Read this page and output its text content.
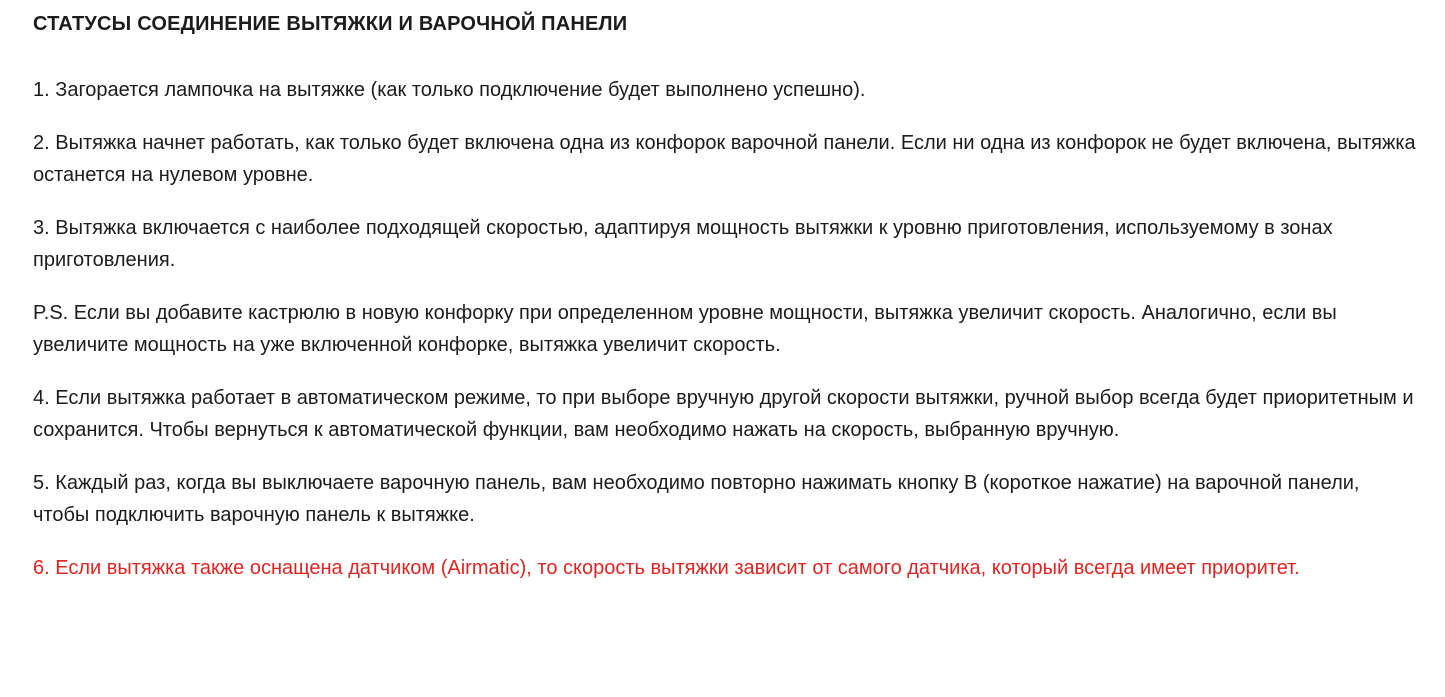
СТАТУСЫ СОЕДИНЕНИЕ ВЫТЯЖКИ И ВАРОЧНОЙ ПАНЕЛИ

1. Загорается лампочка на вытяжке (как только подключение будет выполнено успешно).

2. Вытяжка начнет работать, как только будет включена одна из конфорок варочной панели. Если ни одна из конфорок не будет включена, вытяжка останется на нулевом уровне.

3. Вытяжка включается с наиболее подходящей скоростью, адаптируя мощность вытяжки к уровню приготовления, используемому в зонах приготовления.

P.S. Если вы добавите кастрюлю в новую конфорку при определенном уровне мощности, вытяжка увеличит скорость. Аналогично, если вы увеличите мощность на уже включенной конфорке, вытяжка увеличит скорость.

4. Если вытяжка работает в автоматическом режиме, то при выборе вручную другой скорости вытяжки, ручной выбор всегда будет приоритетным и сохранится. Чтобы вернуться к автоматической функции, вам необходимо нажать на скорость, выбранную вручную.

5. Каждый раз, когда вы выключаете варочную панель, вам необходимо повторно нажимать кнопку B (короткое нажатие) на варочной панели, чтобы подключить варочную панель к вытяжке.

6. Если вытяжка также оснащена датчиком (Airmatic), то скорость вытяжки зависит от самого датчика, который всегда имеет приоритет.
